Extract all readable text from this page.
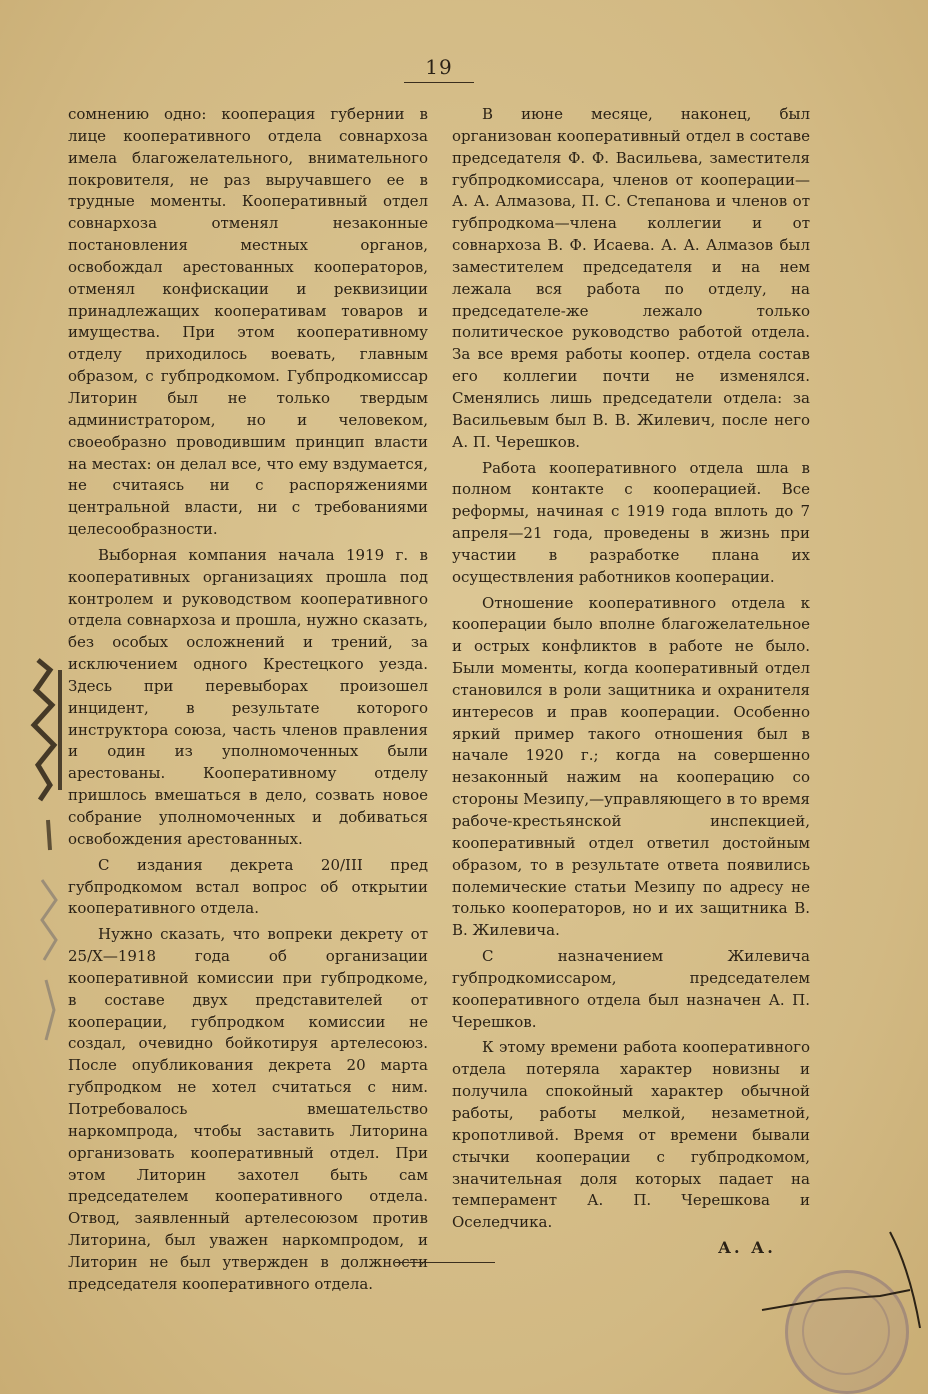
19

сомнению одно: кооперация губернии в лице кооперативного отдела совнархоза имела благожелательного, внимательного покровителя, не раз выручавшего ее в трудные моменты. Кооперативный отдел совнархоза отменял незаконные постановления местных органов, освобождал арестованных кооператоров, отменял конфискации и реквизиции принадлежащих кооперативам товаров и имущества. При этом кооперативному отделу приходилось воевать, главным образом, с губпродкомом. Губпродкомиссар Литорин был не только твердым администратором, но и человеком, своеобразно проводившим принцип власти на местах: он делал все, что ему вздумается, не считаясь ни с распоряжениями центральной власти, ни с требованиями целесообразности.

Выборная компания начала 1919 г. в кооперативных организациях прошла под контролем и руководством кооперативного отдела совнархоза и прошла, нужно сказать, без особых осложнений и трений, за исключением одного Крестецкого уезда. Здесь при перевыборах произошел инцидент, в результате которого инструктора союза, часть членов правления и один из уполномоченных были арестованы. Кооперативному отделу пришлось вмешаться в дело, созвать новое собрание уполномоченных и добиваться освобождения арестованных.

С издания декрета 20/III пред губпродкомом встал вопрос об открытии кооперативного отдела.

Нужно сказать, что вопреки декрету от 25/X—1918 года об организации кооперативной комиссии при губпродкоме, в составе двух представителей от кооперации, губпродком комиссии не создал, очевидно бойкотируя артелесоюз. После опубликования декрета 20 марта губпродком не хотел считаться с ним. Потребовалось вмешательство наркомпрода, чтобы заставить Литорина организовать кооперативный отдел. При этом Литорин захотел быть сам председателем кооперативного отдела. Отвод, заявленный артелесоюзом против Литорина, был уважен наркомпродом, и Литорин не был утвержден в должности председателя кооперативного отдела.

В июне месяце, наконец, был организован кооперативный отдел в составе председателя Ф. Ф. Васильева, заместителя губпродкомиссара, членов от кооперации—А. А. Алмазова, П. С. Степанова и членов от губпродкома—члена коллегии и от совнархоза В. Ф. Исаева. А. А. Алмазов был заместителем председателя и на нем лежала вся работа по отделу, на председателе-же лежало только политическое руководство работой отдела. За все время работы коопер. отдела состав его коллегии почти не изменялся. Сменялись лишь председатели отдела: за Васильевым был В. В. Жилевич, после него А. П. Черешков.

Работа кооперативного отдела шла в полном контакте с кооперацией. Все реформы, начиная с 1919 года вплоть до 7 апреля—21 года, проведены в жизнь при участии в разработке плана их осуществления работников кооперации.

Отношение кооперативного отдела к кооперации было вполне благожелательное и острых конфликтов в работе не было. Были моменты, когда кооперативный отдел становился в роли защитника и охранителя интересов и прав кооперации. Особенно яркий пример такого отношения был в начале 1920 г.; когда на совершенно незаконный нажим на кооперацию со стороны Мезипу,—управляющего в то время рабоче-крестьянской инспекцией, кооперативный отдел ответил достойным образом, то в результате ответа появились полемические статьи Мезипу по адресу не только кооператоров, но и их защитника В. В. Жилевича.

С назначением Жилевича губпродкомиссаром, председателем кооперативного отдела был назначен А. П. Черешков.

К этому времени работа кооперативного отдела потеряла характер новизны и получила спокойный характер обычной работы, работы мелкой, незаметной, кропотливой. Время от времени бывали стычки кооперации с губпродкомом, значительная доля которых падает на темперамент А. П. Черешкова и Оселедчика.

А. А.
